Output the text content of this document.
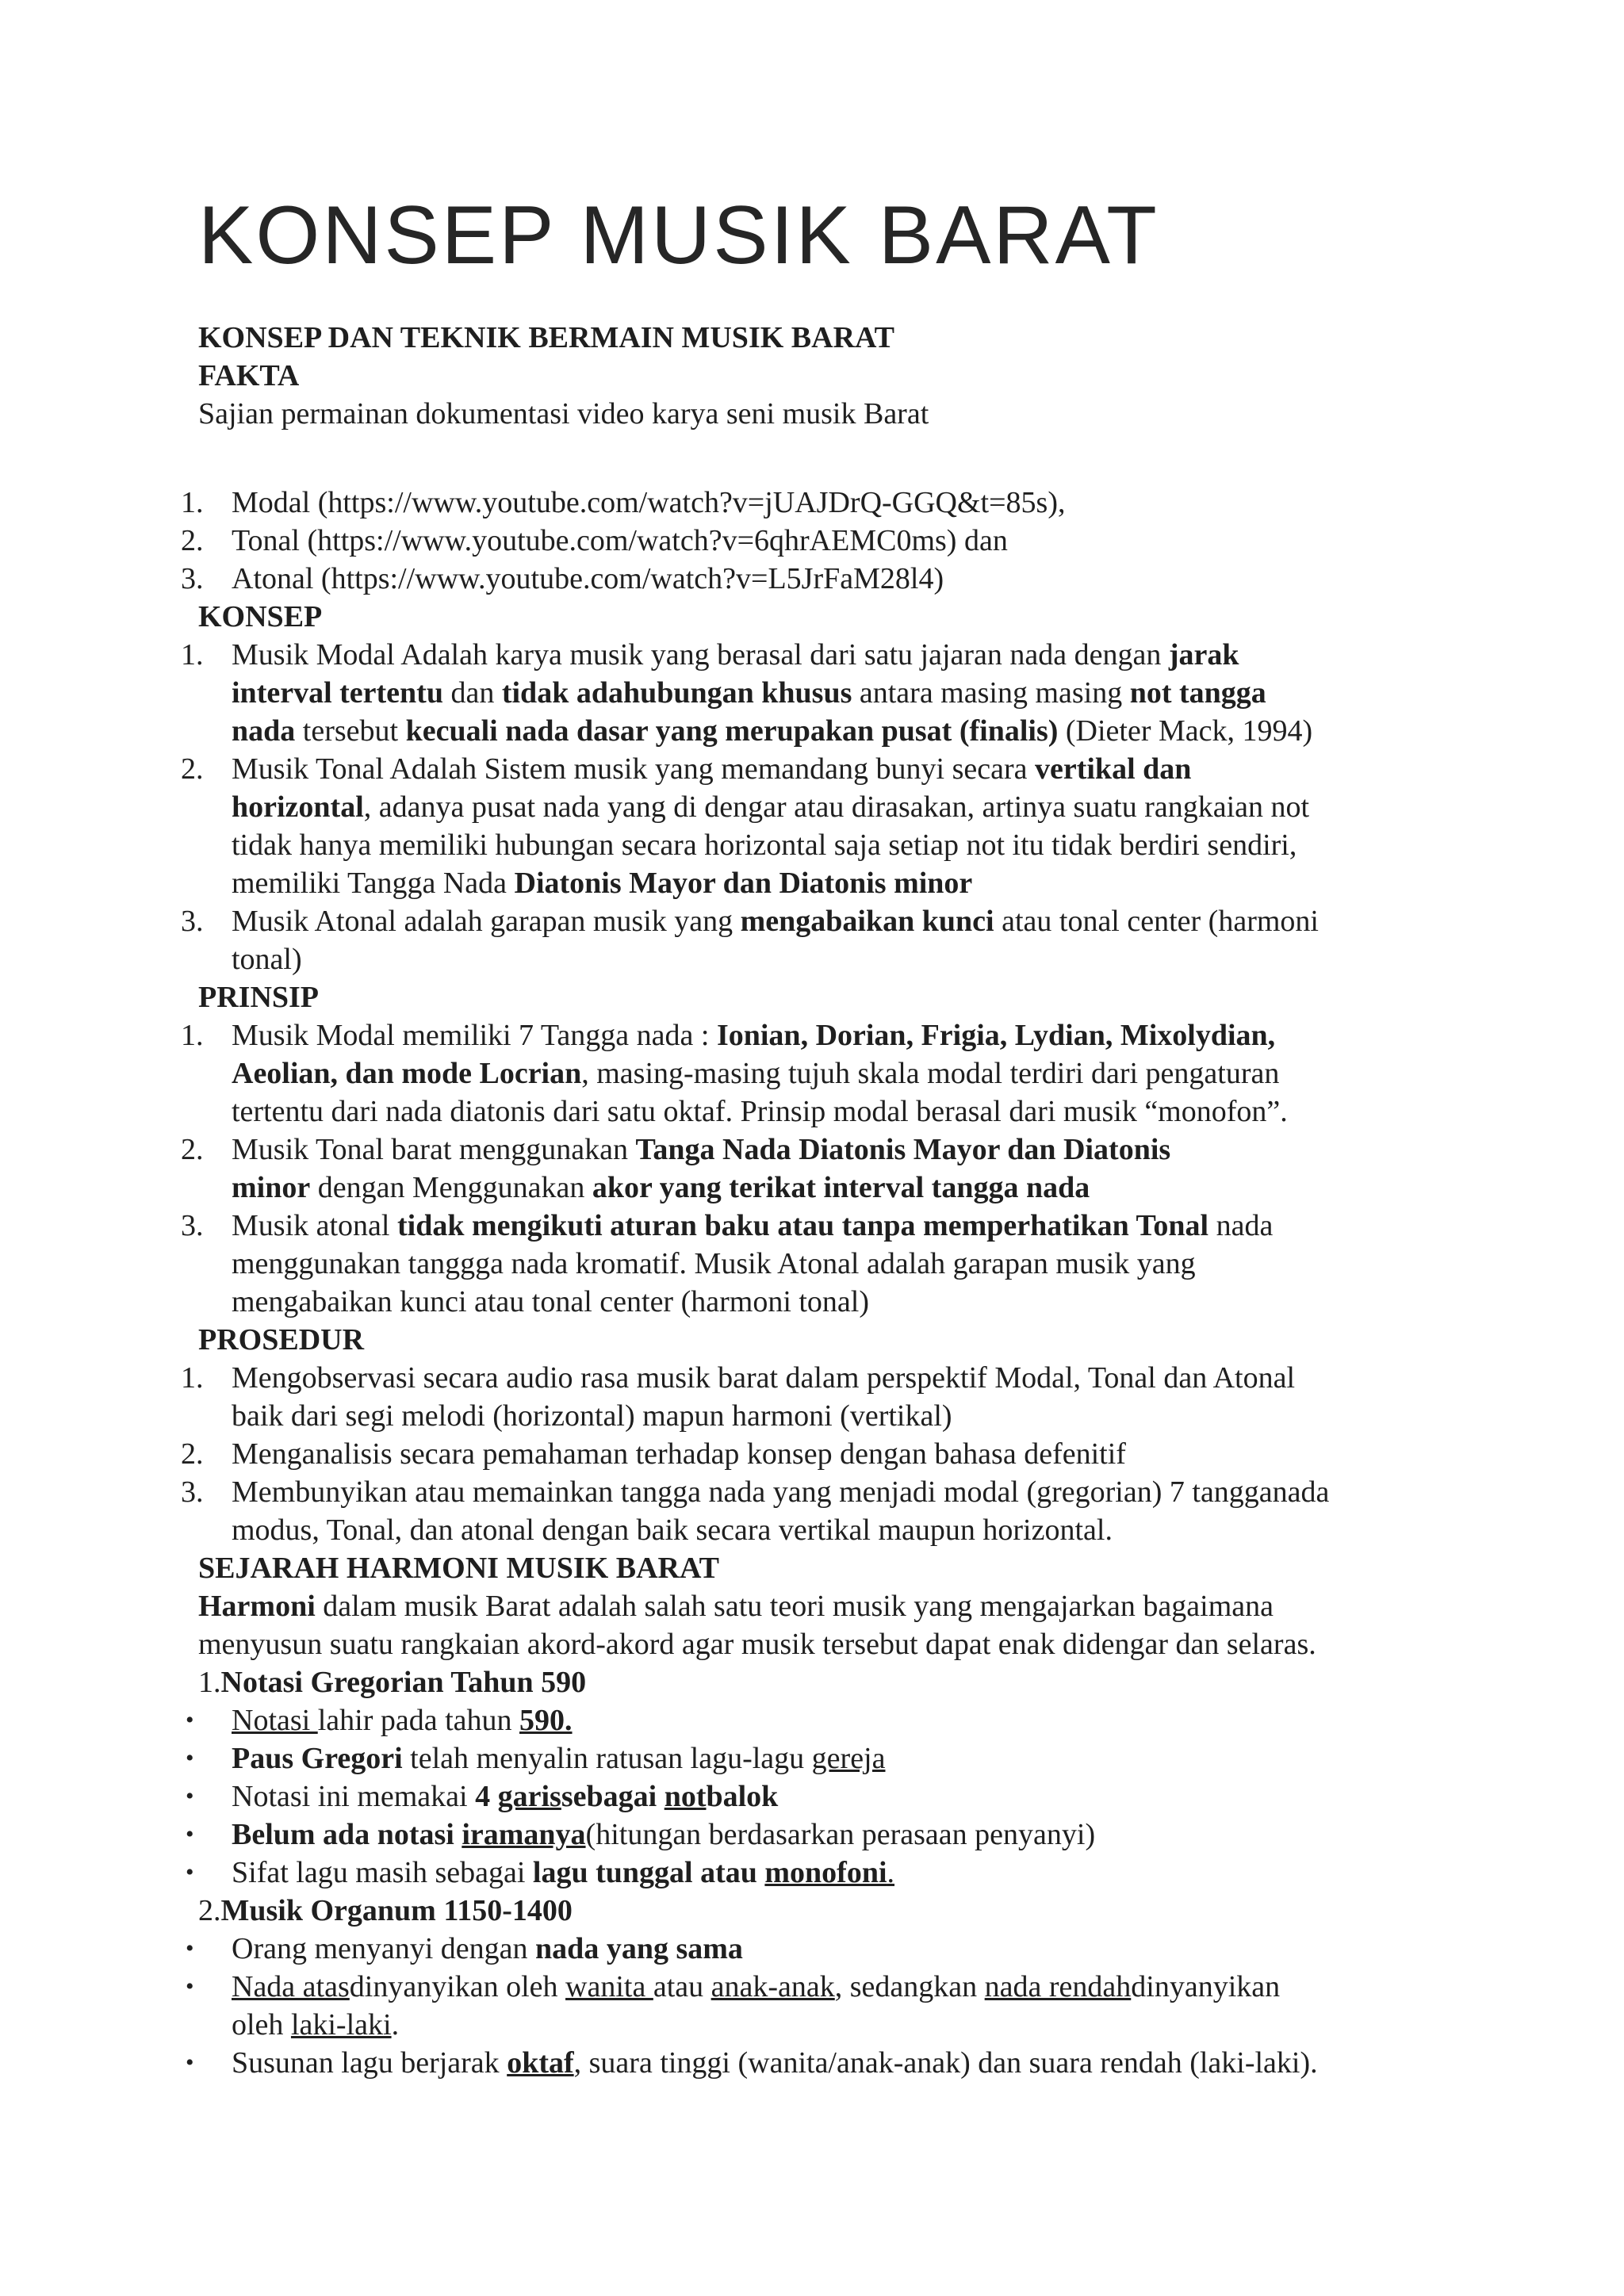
KONSEP MUSIK BARAT
KONSEP DAN TEKNIK BERMAIN MUSIK BARAT
FAKTA
Sajian permainan dokumentasi video karya seni musik Barat
1. Modal (https://www.youtube.com/watch?v=jUAJDrQ-GGQ&t=85s),
2. Tonal (https://www.youtube.com/watch?v=6qhrAEMC0ms) dan
3. Atonal (https://www.youtube.com/watch?v=L5JrFaM28l4)
KONSEP
1. Musik Modal Adalah karya musik yang berasal dari satu jajaran nada dengan jarak
interval tertentu dan tidak adahubungan khusus antara masing masing not tangga
nada tersebut kecuali nada dasar yang merupakan pusat (finalis) (Dieter Mack, 1994)
2. Musik Tonal Adalah Sistem musik yang memandang bunyi secara vertikal dan
horizontal, adanya pusat nada yang di dengar atau dirasakan, artinya suatu rangkaian not
tidak hanya memiliki hubungan secara horizontal saja setiap not itu tidak berdiri sendiri,
memiliki Tangga Nada Diatonis Mayor dan Diatonis minor
3. Musik Atonal adalah garapan musik yang mengabaikan kunci atau tonal center (harmoni
tonal)
PRINSIP
1. Musik Modal memiliki 7 Tangga nada : Ionian, Dorian, Frigia, Lydian, Mixolydian,
Aeolian, dan mode Locrian, masing-masing tujuh skala modal terdiri dari pengaturan
tertentu dari nada diatonis dari satu oktaf. Prinsip modal berasal dari musik “monofon”.
2. Musik Tonal barat menggunakan Tanga Nada Diatonis Mayor dan Diatonis
minor dengan Menggunakan akor yang terikat interval tangga nada
3. Musik atonal tidak mengikuti aturan baku atau tanpa memperhatikan Tonal nada
menggunakan tanggga nada kromatif. Musik Atonal adalah garapan musik yang
mengabaikan kunci atau tonal center (harmoni tonal)
PROSEDUR
1. Mengobservasi secara audio rasa musik barat dalam perspektif Modal, Tonal dan Atonal
baik dari segi melodi (horizontal) mapun harmoni (vertikal)
2. Menganalisis secara pemahaman terhadap konsep dengan bahasa defenitif
3. Membunyikan atau memainkan tangga nada yang menjadi modal (gregorian) 7 tangganada
modus, Tonal, dan atonal dengan baik secara vertikal maupun horizontal.
SEJARAH HARMONI MUSIK BARAT
Harmoni dalam musik Barat adalah salah satu teori musik yang mengajarkan bagaimana
menyusun suatu rangkaian akord-akord agar musik tersebut dapat enak didengar dan selaras.
1.Notasi Gregorian Tahun 590
• Notasi lahir pada tahun 590.
• Paus Gregori telah menyalin ratusan lagu-lagu gereja
• Notasi ini memakai 4 garissebagai notbalok
• Belum ada notasi iramanya(hitungan berdasarkan perasaan penyanyi)
• Sifat lagu masih sebagai lagu tunggal atau monofoni.
2.Musik Organum 1150-1400
• Orang menyanyi dengan nada yang sama
• Nada atasdinyanyikan oleh wanita atau anak-anak, sedangkan nada rendahdinyanyikan
oleh laki-laki.
• Susunan lagu berjarak oktaf, suara tinggi (wanita/anak-anak) dan suara rendah (laki-laki).
